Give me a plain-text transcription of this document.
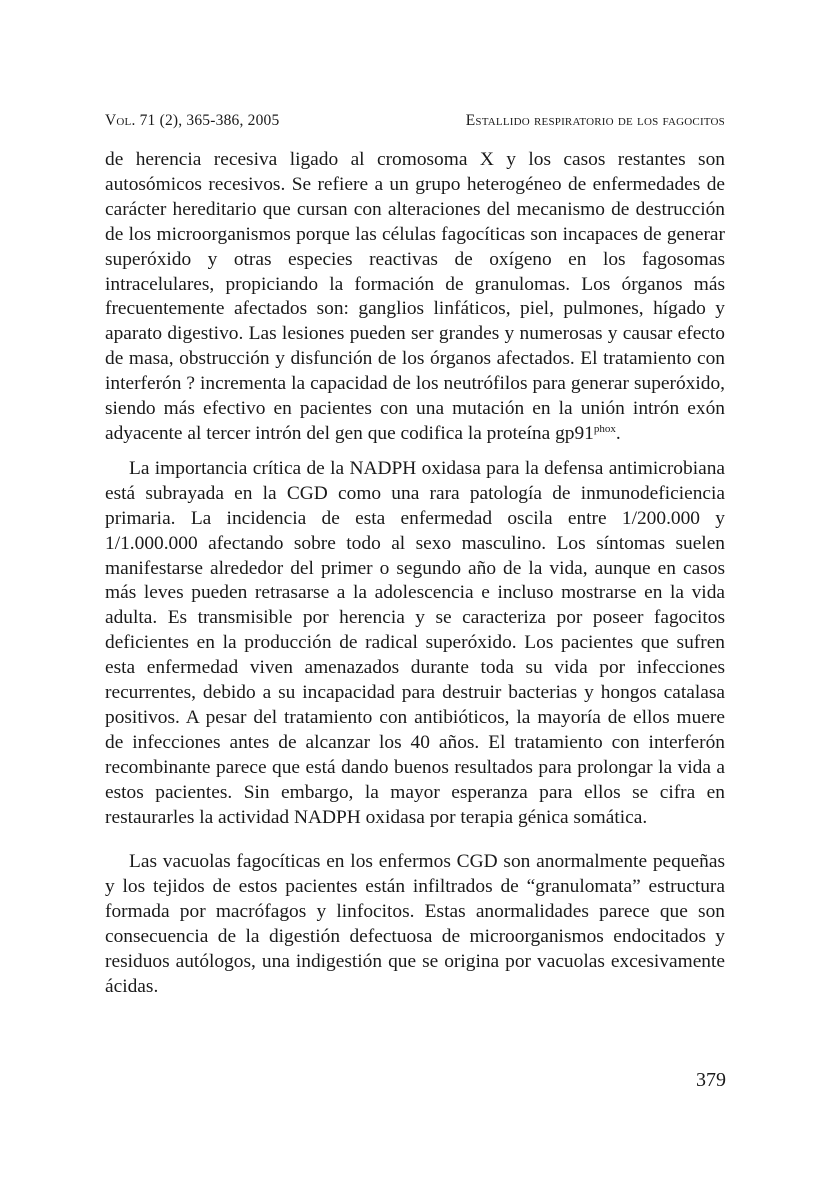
Vol. 71 (2), 365-386, 2005	Estallido respiratorio de los fagocitos

de herencia recesiva ligado al cromosoma X y los casos restantes son autosómicos recesivos. Se refiere a un grupo heterogéneo de enfermedades de carácter hereditario que cursan con alteraciones del mecanismo de destrucción de los microorganismos porque las células fagocíticas son incapaces de generar superóxido y otras especies reactivas de oxígeno en los fagosomas intracelulares, propiciando la formación de granulomas. Los órganos más frecuentemente afectados son: ganglios linfáticos, piel, pulmones, hígado y aparato digestivo. Las lesiones pueden ser grandes y numerosas y causar efecto de masa, obstrucción y disfunción de los órganos afectados. El tratamiento con interferón ? incrementa la capacidad de los neutrófilos para generar superóxido, siendo más efectivo en pacientes con una mutación en la unión intrón exón adyacente al tercer intrón del gen que codifica la proteína $gp91^{phox}$.

La importancia crítica de la NADPH oxidasa para la defensa antimicrobiana está subrayada en la CGD como una rara patología de inmunodeficiencia primaria. La incidencia de esta enfermedad oscila entre 1/200.000 y 1/1.000.000 afectando sobre todo al sexo masculino. Los síntomas suelen manifestarse alrededor del primer o segundo año de la vida, aunque en casos más leves pueden retrasarse a la adolescencia e incluso mostrarse en la vida adulta. Es transmisible por herencia y se caracteriza por poseer fagocitos deficientes en la producción de radical superóxido. Los pacientes que sufren esta enfermedad viven amenazados durante toda su vida por infecciones recurrentes, debido a su incapacidad para destruir bacterias y hongos catalasa positivos. A pesar del tratamiento con antibióticos, la mayoría de ellos muere de infecciones antes de alcanzar los 40 años. El tratamiento con interferón recombinante parece que está dando buenos resultados para prolongar la vida a estos pacientes. Sin embargo, la mayor esperanza para ellos se cifra en restaurarles la actividad NADPH oxidasa por terapia génica somática.

Las vacuolas fagocíticas en los enfermos CGD son anormalmente pequeñas y los tejidos de estos pacientes están infiltrados de “granulomata” estructura formada por macrófagos y linfocitos. Estas anormalidades parece que son consecuencia de la digestión defectuosa de microorganismos endocitados y residuos autólogos, una indigestión que se origina por vacuolas excesivamente ácidas.

379
